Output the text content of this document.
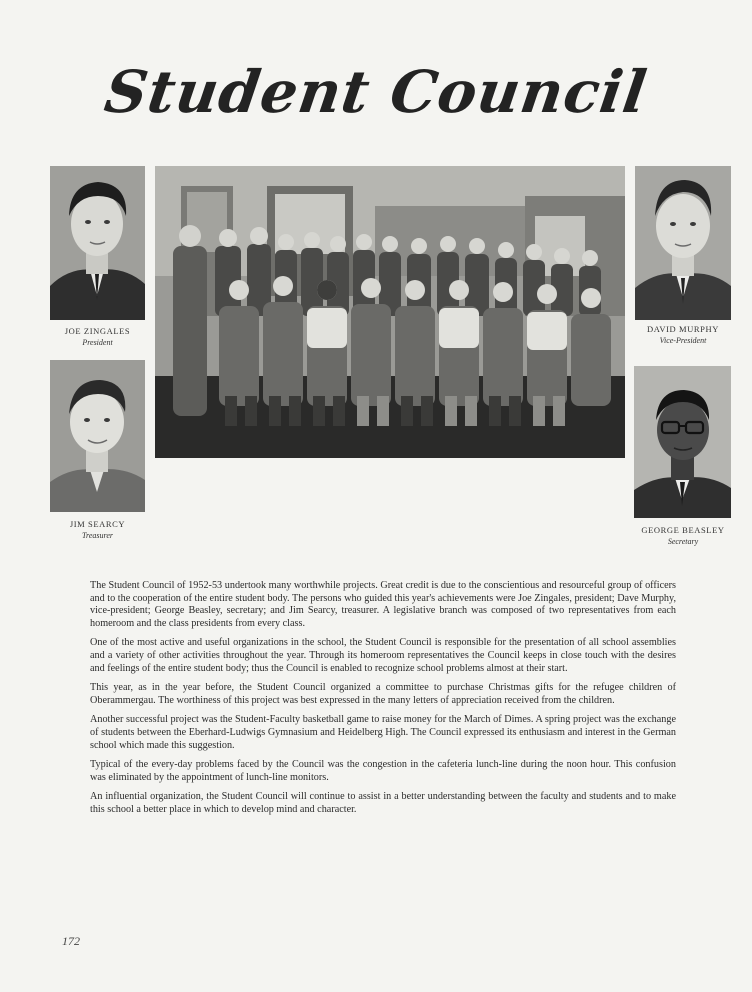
Student Council
JOE ZINGALES
President
JIM SEARCY
Treasurer
DAVID MURPHY
Vice-President
GEORGE BEASLEY
Secretary

The Student Council of 1952-53 undertook many worthwhile projects. Great credit is due to the conscientious and resourceful group of officers and to the cooperation of the entire student body. The persons who guided this year's achievements were Joe Zingales, president; Dave Murphy, vice-president; George Beasley, secretary; and Jim Searcy, treasurer. A legislative branch was composed of two representatives from each homeroom and the class presidents from every class.

One of the most active and useful organizations in the school, the Student Council is responsible for the presentation of all school assemblies and a variety of other activities throughout the year. Through its homeroom representatives the Council keeps in close touch with the desires and feelings of the entire student body; thus the Council is enabled to recognize school problems almost at their start.

This year, as in the year before, the Student Council organized a committee to purchase Christmas gifts for the refugee children of Oberammergau. The worthiness of this project was best expressed in the many letters of appreciation received from the children.

Another successful project was the Student-Faculty basketball game to raise money for the March of Dimes. A spring project was the exchange of students between the Eberhard-Ludwigs Gymnasium and Heidelberg High. The Council expressed its enthusiasm and interest in the German school which made this suggestion.

Typical of the every-day problems faced by the Council was the congestion in the cafeteria lunch-line during the noon hour. This confusion was eliminated by the appointment of lunch-line monitors.

An influential organization, the Student Council will continue to assist in a better understanding between the faculty and students and to make this school a better place in which to develop mind and character.

172
